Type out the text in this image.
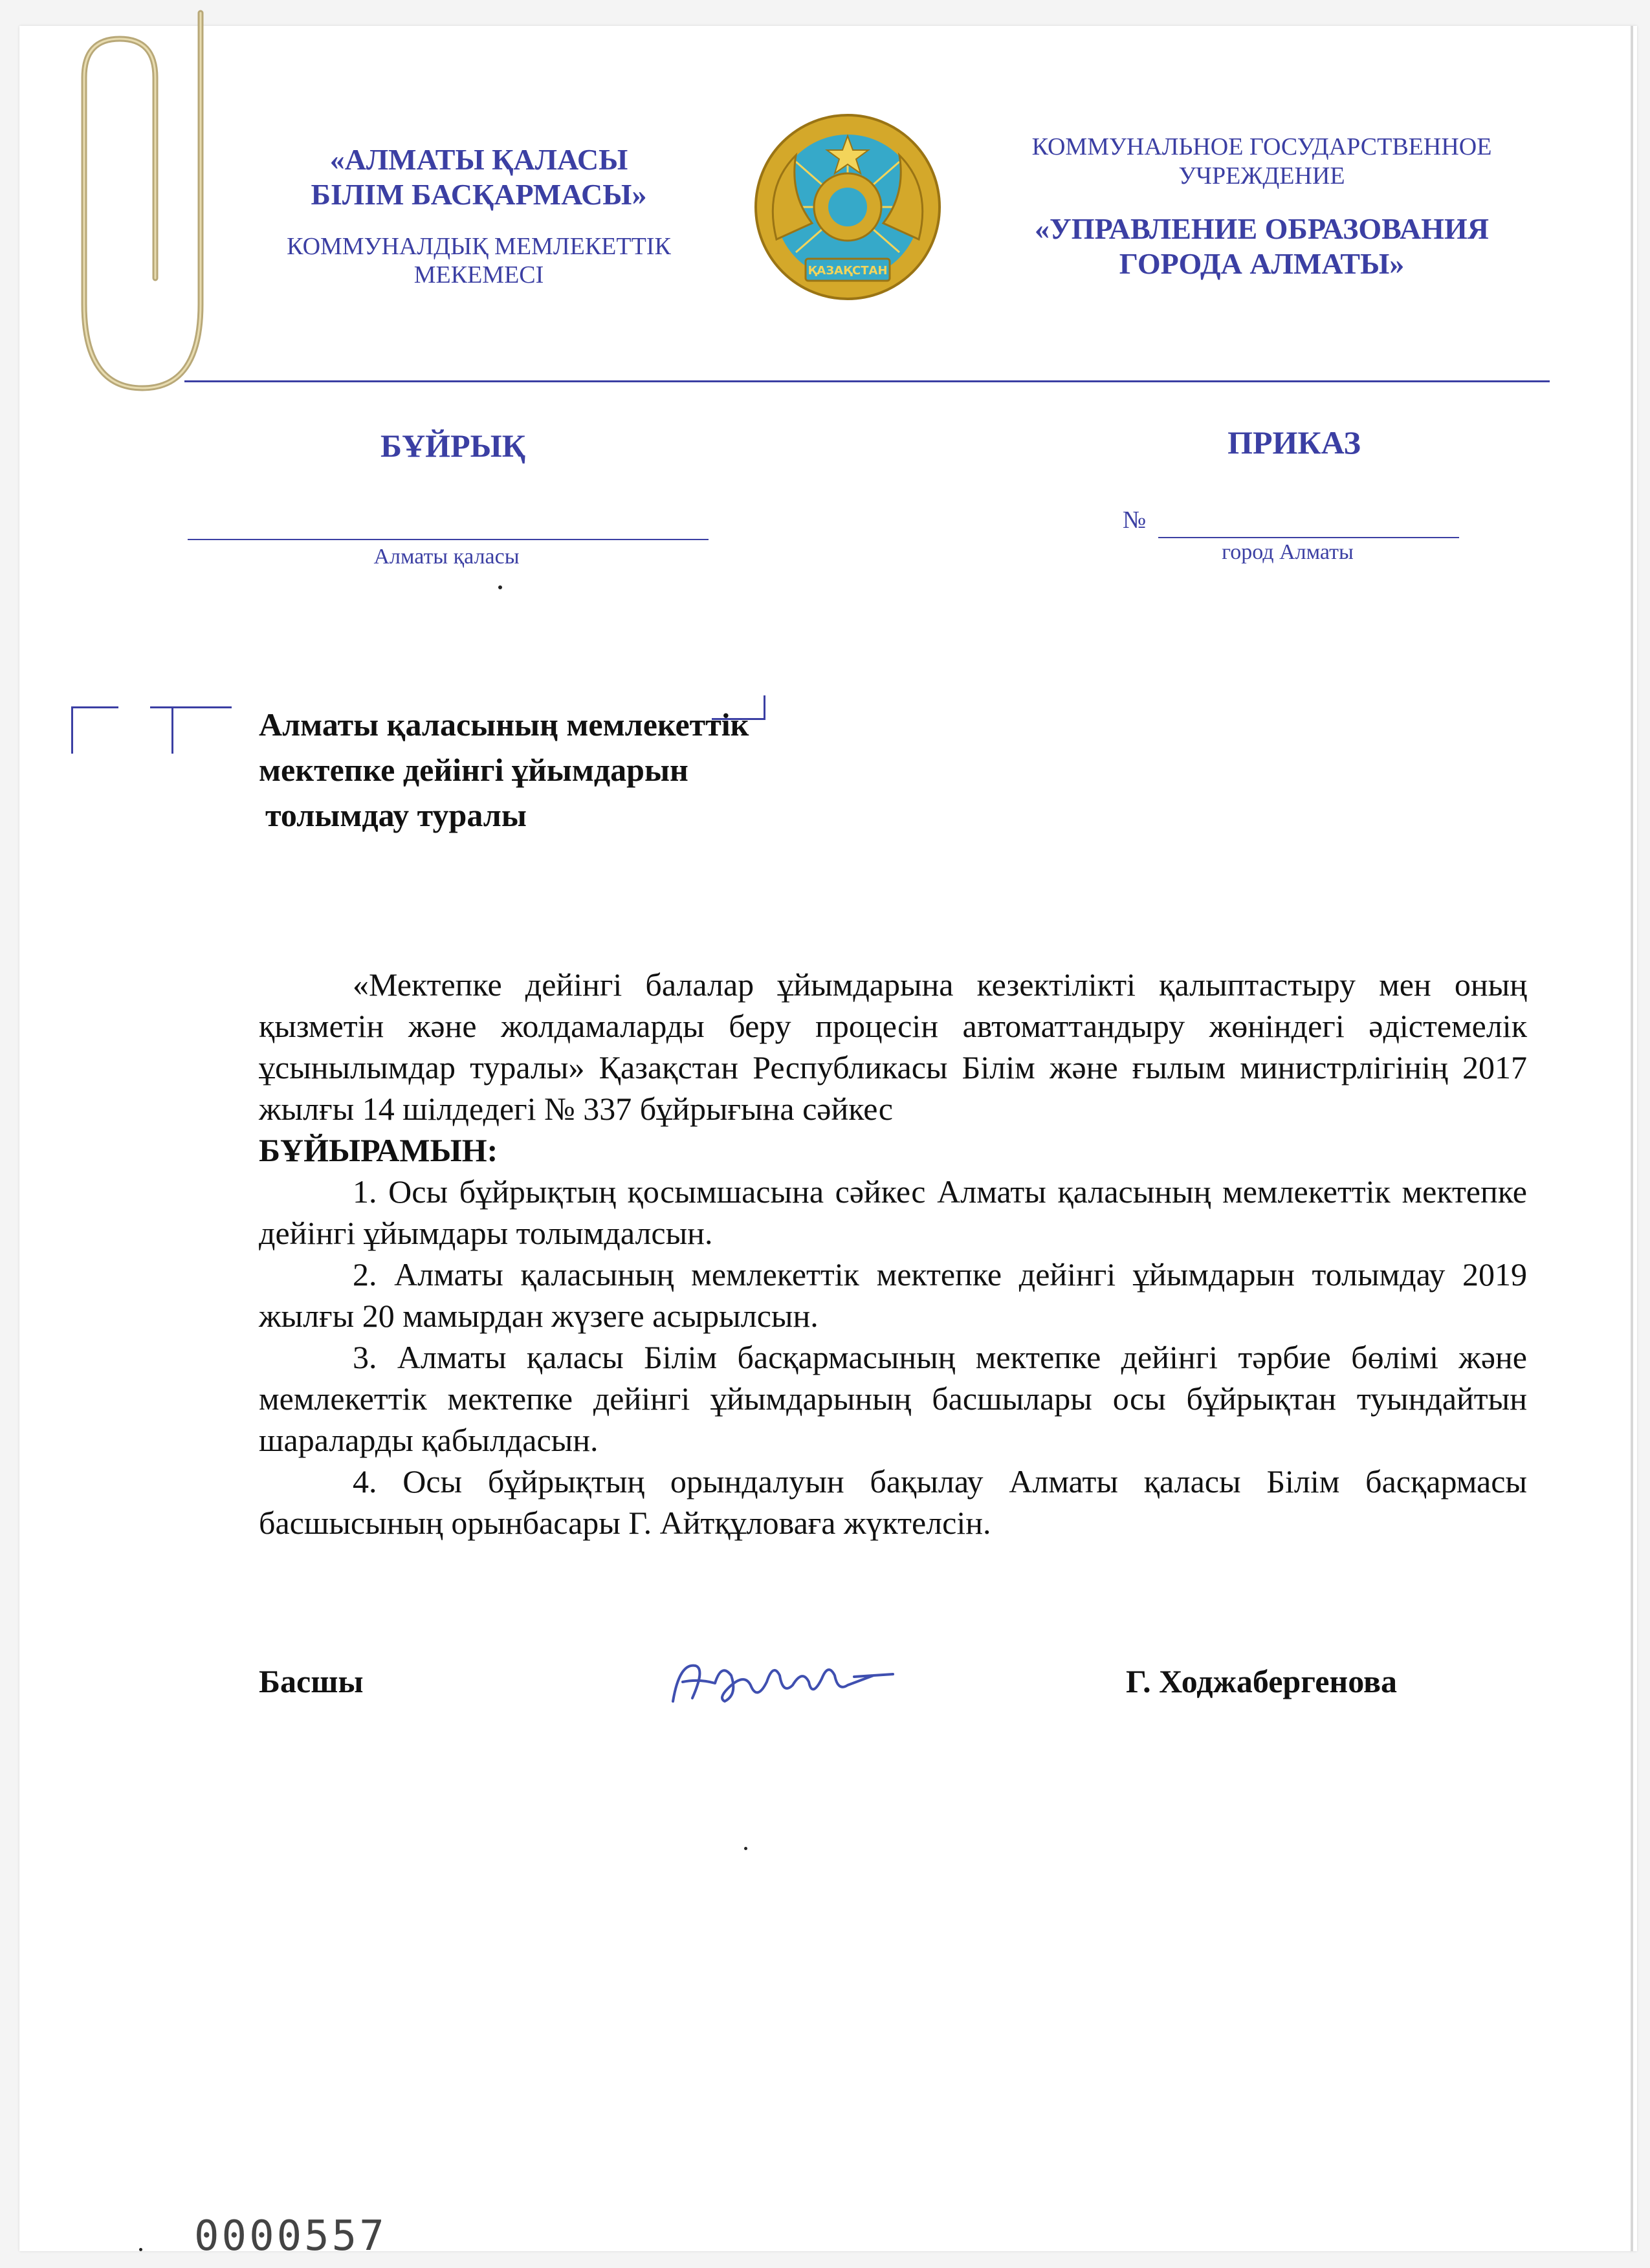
«АЛМАТЫ ҚАЛАСЫ
БІЛІМ БАСҚАРМАСЫ»
КОММУНАЛДЫҚ МЕМЛЕКЕТТІК
МЕКЕМЕСІ	ҚАЗАҚСТАН
КОММУНАЛЬНОЕ ГОСУДАРСТВЕННОЕ
УЧРЕЖДЕНИЕ
«УПРАВЛЕНИЕ ОБРАЗОВАНИЯ
ГОРОДА АЛМАТЫ»
БҰЙРЫҚ	ПРИКАЗ
Алматы қаласы
№
город Алматы
Алматы қаласының мемлекеттік
мектепке дейінгі ұйымдарын
толымдау туралы

«Мектепке дейінгі балалар ұйымдарына кезектілікті қалыптастыру мен оның қызметін және жолдамаларды беру процесін автоматтандыру жөніндегі әдістемелік ұсынылымдар туралы» Қазақстан Республикасы Білім және ғылым министрлігінің 2017 жылғы 14 шілдедегі № 337 бұйрығына сәйкес

БҰЙЫРАМЫН:

1. Осы бұйрықтың қосымшасына сәйкес Алматы қаласының мемлекеттік мектепке дейінгі ұйымдары толымдалсын.

2. Алматы қаласының мемлекеттік мектепке дейінгі ұйымдарын толымдау 2019 жылғы 20 мамырдан жүзеге асырылсын.

3. Алматы қаласы Білім басқармасының мектепке дейінгі тәрбие бөлімі және мемлекеттік мектепке дейінгі ұйымдарының басшылары осы бұйрықтан туындайтын шараларды қабылдасын.

4. Осы бұйрықтың орындалуын бақылау Алматы қаласы Білім басқармасы басшысының орынбасары Г. Айтқұловаға жүктелсін.

Басшы	Г. Ходжабергенова
0000557
